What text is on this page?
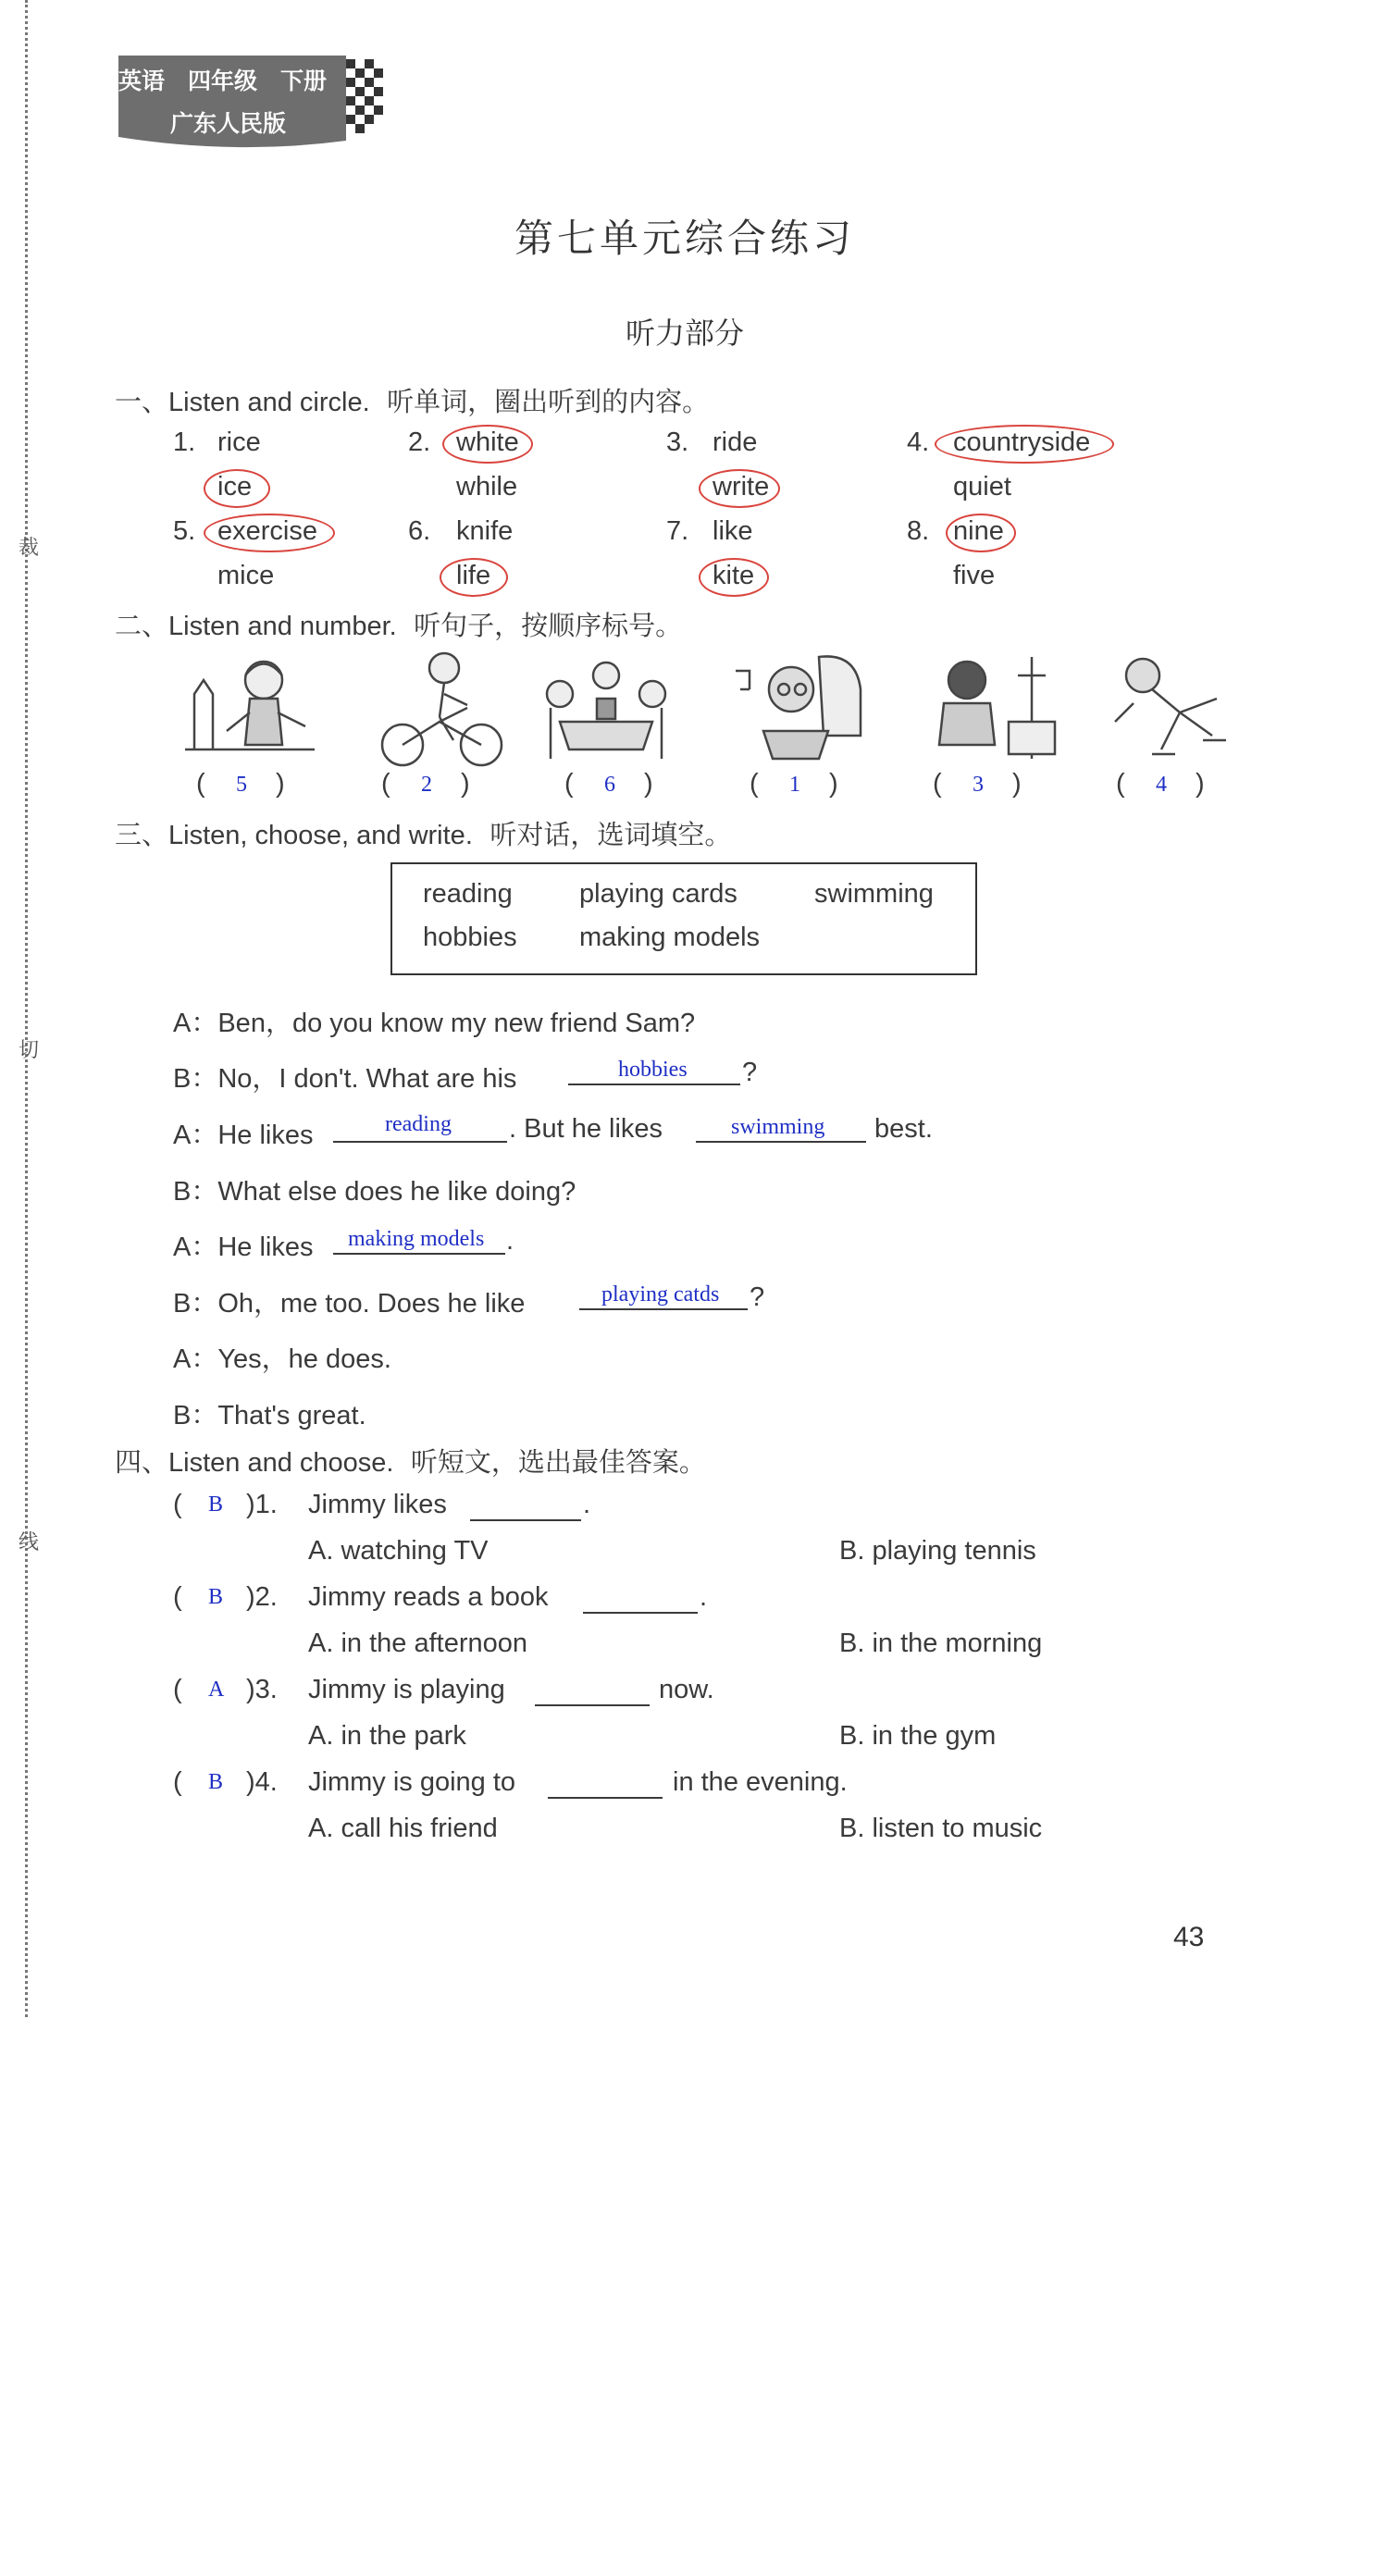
裁
切
线
英语　四年级　下册
广东人民版
第七单元综合练习
听力部分
一、Listen and circle. 听单词，圈出听到的内容。
1. rice
ice
2. white
while
3. ride
write
4. countryside
quiet
5. exercise
mice
6. knife
life
7. like
kite
8. nine
five
二、Listen and number. 听句子，按顺序标号。
( 5 )	( 2 )	( 6 )	( 1 )	( 3 )	( 4 )
三、Listen, choose, and write. 听对话，选词填空。
reading playing cards	swimming
hobbies making models
A：Ben，do you know my new friend Sam?
B：No，I don't. What are his	hobbies ?
A：He likes	reading . But he likes	swimming best.
B：What else does he like doing?
A：He likes making models .
B：Oh，me too. Does he like	playing catds ?
A：Yes，he does.
B：That's great.
四、Listen and choose. 听短文，选出最佳答案。
( B )1. Jimmy likes	.
A. watching TV	B. playing tennis
( B )2. Jimmy reads a book	.
A. in the afternoon	B. in the morning
( A )3. Jimmy is playing	now.
A. in the park	B. in the gym
( B )4. Jimmy is going to	in the evening.
A. call his friend	B. listen to music
43
